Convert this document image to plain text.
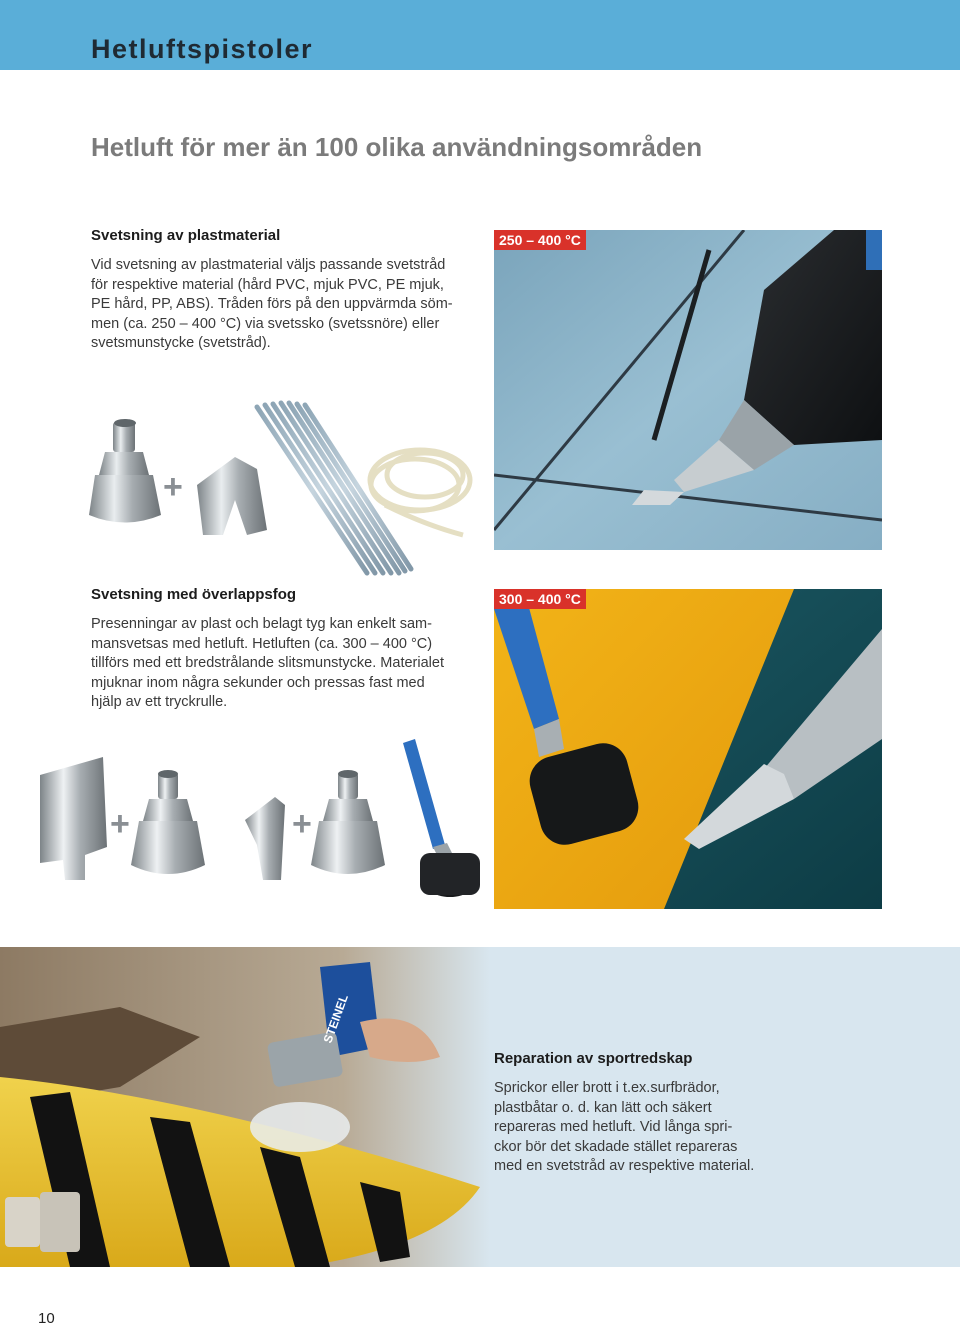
Hetluftspistoler
Hetluft för mer än 100 olika användningsområden

Svetsning av plastmaterial

Vid svetsning av plastmaterial väljs passande svetstråd

för respektive material (hård PVC, mjuk PVC, PE mjuk,

PE hård, PP, ABS). Tråden förs på den uppvärmda söm-

men (ca. 250 – 400 °C) via svetssko (svetssnöre) eller

svetsmunstycke (svetstråd).

+
250 – 400 °C

Svetsning med överlappsfog

Presenningar av plast och belagt tyg kan enkelt sam-

mansvetsas med hetluft. Hetluften (ca. 300 – 400 °C)

tillförs med ett bredstrålande slitsmunstycke. Materialet

mjuknar inom några sekunder och pressas fast med

hjälp av ett tryckrulle.

+	+
300 – 400 °C
STEINEL

Reparation av sportredskap

Sprickor eller brott i t.ex.surfbrädor,

plastbåtar o. d. kan lätt och säkert

repareras med hetluft. Vid långa spri-

ckor bör det skadade stället repareras

med en svetstråd av respektive material.

10
